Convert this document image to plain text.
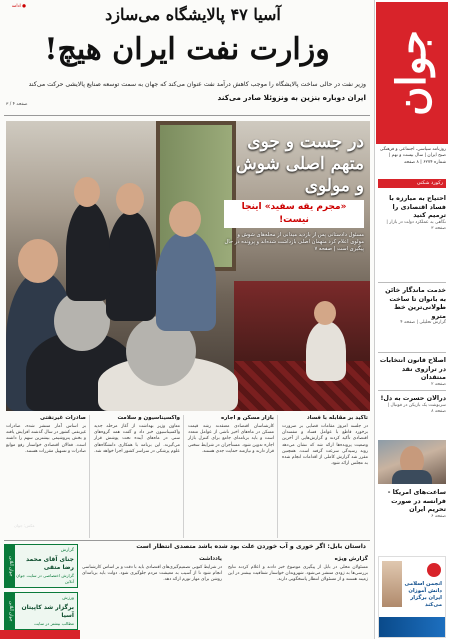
جوان
روزنامه سیاسی، اجتماعی و فرهنگی صبح ایران | سال بیست و نهم | شماره ۶۲۷۴ | ۸ صفحه
رکورد شکنی
احتیاج به مبارزه با فساد اقتصادی را ترمیم کنید

نگاهی به عملکرد دولت در بازار | صفحه ۳

خدمت ماندگار خائن به بانوان تا ساخت طولانی‌ترین خط مترو

گزارش تحلیلی | صفحه ۴

اصلاح قانون انتخابات در ترازوی نقد منتقدان

صفحه ۲

درالان حسرت به دل!

سرنوشت یک بازیکن در فوتبال | صفحه ۸

ساعت‌های امریکا - فرانسه در صورت تحریم ایران

صفحه ۶

انجمن اسلامی دانش آموزان ایران برگزار می‌کند
● ادامه	آسیا ۴۷ پالایشگاه می‌سازد
وزارت نفت ایران هیچ!
وزیر نفت در حالی ساخت پالایشگاه را موجب کاهش درآمد نفت عنوان می‌کند که جهان به سمت توسعه صنایع پالایشی حرکت می‌کند
ایران دوباره بنزین به ونزوئلا صادر می‌کند
صفحه ۴ / ۳
در جست و جوی متهم اصلی شوش و مولوی
«مجرم یقه سفید» اینجا نیست!
مسئول دادستانی پس از بازدید میدانی از محله‌های شوش و مولوی اعلام کرد متهمان اصلی بازداشت شده‌اند و پرونده در حال پیگیری است | صفحه ۷
عکس: جوان
تاکید بر مقابله با فساد
در جلسه امروز مقامات قضایی بر ضرورت برخورد قاطع با عوامل فساد و مفسدان اقتصادی تأکید کردند و گزارش‌هایی از آخرین وضعیت پرونده‌ها ارائه شد که نشان می‌دهد روند رسیدگی سرعت گرفته است. همچنین مقرر شد گزارش کاملی از اقدامات انجام شده به مجلس ارائه شود.
بازار مسکن و اجاره
کارشناسان اقتصادی معتقدند رشد قیمت مسکن در ماه‌های اخیر ناشی از عوامل متعدد است و باید برنامه‌ای جامع برای کنترل بازار اجاره تدوین شود. مستأجران در شرایط سختی قرار دارند و نیازمند حمایت جدی هستند.
واکسیناسیون و سلامت
معاون وزیر بهداشت از آغاز مرحله جدید واکسیناسیون خبر داد و گفت همه گروه‌های سنی در ماه‌های آینده تحت پوشش قرار می‌گیرند. این برنامه با همکاری دانشگاه‌های علوم پزشکی در سراسر کشور اجرا خواهد شد.
صادرات غیرنفتی
بر اساس آمار منتشر شده، صادرات غیرنفتی کشور در سال گذشته افزایش یافته و بخش پتروشیمی بیشترین سهم را داشته است. فعالان اقتصادی خواستار رفع موانع صادرات و تسهیل مقررات هستند.
داستان بابل: اگر خوری و آب خوردن علت بود شده باشد متصدی انتظار است
گزارش ویژه
مسئولان محلی در بابل از پیگیری موضوع خبر دادند و اعلام کردند نتایج بررسی‌ها به زودی منتشر می‌شود. شهروندان خواستار شفافیت بیشتر در این زمینه هستند و از مسئولان انتظار پاسخگویی دارند.
یادداشت
در شرایط کنونی تصمیم‌گیری‌های اقتصادی باید با دقت و بر اساس کارشناسی انجام شود تا از آسیب به معیشت مردم جلوگیری شود. دولت باید برنامه‌ای روشن برای مهار تورم ارائه دهد.
جوان آنلاین
گزارش
جنای آقای محمد رضا متقی
گزارش اختصاصی در سایت جوان آنلاین
جوان آنلاین
ورزش
برگزار شد کاپیتان آسیا
مطالب بیشتر در سایت
